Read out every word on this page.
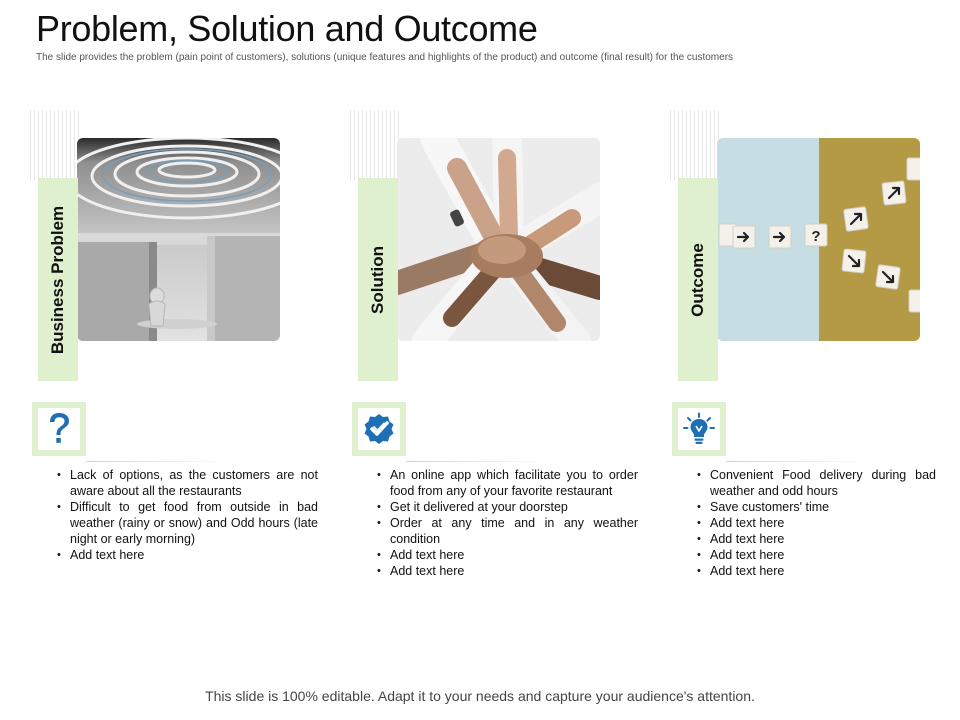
Problem, Solution and Outcome
The slide provides the problem (pain point of customers), solutions (unique features and highlights of the product) and outcome (final result) for the customers
Business Problem
• Lack of options, as the customers are not aware about all the restaurants
• Difficult to get food from outside in bad weather (rainy or snow) and Odd hours (late night or early morning)
• Add text here
Solution
• An online app which facilitate you to order food from any of your favorite restaurant
• Get it delivered at your doorstep
• Order at any time and in any weather condition
• Add text here
• Add text here
?
Outcome
• Convenient Food delivery during bad weather and odd hours
• Save customers' time
• Add text here
• Add text here
• Add text here
• Add text here
This slide is 100% editable. Adapt it to your needs and capture your audience's attention.
